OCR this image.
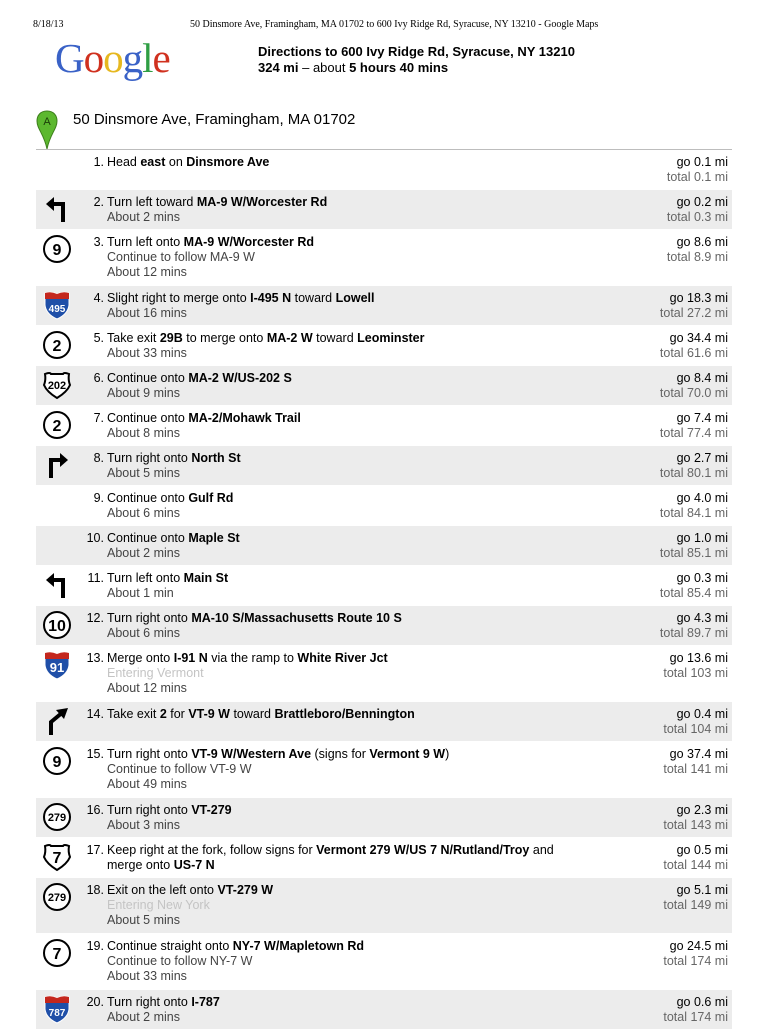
8/18/13	50 Dinsmore Ave, Framingham, MA 01702 to 600 Ivy Ridge Rd, Syracuse, NY 13210 - Google Maps
Google	Directions to 600 Ivy Ridge Rd, Syracuse, NY 13210
324 mi – about 5 hours 40 mins
A 50 Dinsmore Ave, Framingham, MA 01702
1. Head east on Dinsmore Ave	go 0.1 mi
total 0.1 mi
2. Turn left toward MA-9 W/Worcester Rd
About 2 mins
go 0.2 mi
total 0.3 mi
9	3. Turn left onto MA-9 W/Worcester Rd
Continue to follow MA-9 W
About 12 mins
go 8.6 mi
total 8.9 mi
495
4. Slight right to merge onto I-495 N toward Lowell
About 16 mins
go 18.3 mi
total 27.2 mi
2	5. Take exit 29B to merge onto MA-2 W toward Leominster
About 33 mins
go 34.4 mi
total 61.6 mi
202
6. Continue onto MA-2 W/US-202 S
About 9 mins
go 8.4 mi
total 70.0 mi
2	7. Continue onto MA-2/Mohawk Trail
About 8 mins
go 7.4 mi
total 77.4 mi
8. Turn right onto North St
About 5 mins
go 2.7 mi
total 80.1 mi
9. Continue onto Gulf Rd
About 6 mins
go 4.0 mi
total 84.1 mi
10. Continue onto Maple St
About 2 mins
go 1.0 mi
total 85.1 mi
11. Turn left onto Main St
About 1 min
go 0.3 mi
total 85.4 mi
10	12. Turn right onto MA-10 S/Massachusetts Route 10 S
About 6 mins
go 4.3 mi
total 89.7 mi
91
13. Merge onto I-91 N via the ramp to White River Jct
Entering Vermont
About 12 mins
go 13.6 mi
total 103 mi
14. Take exit 2 for VT-9 W toward Brattleboro/Bennington	go 0.4 mi
total 104 mi
9	15. Turn right onto VT-9 W/Western Ave (signs for Vermont 9 W)
Continue to follow VT-9 W
About 49 mins
go 37.4 mi
total 141 mi
279
16. Turn right onto VT-279
About 3 mins
go 2.3 mi
total 143 mi
7	17. Keep right at the fork, follow signs for Vermont 279 W/US 7 N/Rutland/Troy and merge onto US-7 N
go 0.5 mi
total 144 mi
279
18. Exit on the left onto VT-279 W
Entering New York
About 5 mins
go 5.1 mi
total 149 mi
7	19. Continue straight onto NY-7 W/Mapletown Rd
Continue to follow NY-7 W
About 33 mins
go 24.5 mi
total 174 mi
787
20. Turn right onto I-787
About 2 mins
go 0.6 mi
total 174 mi
